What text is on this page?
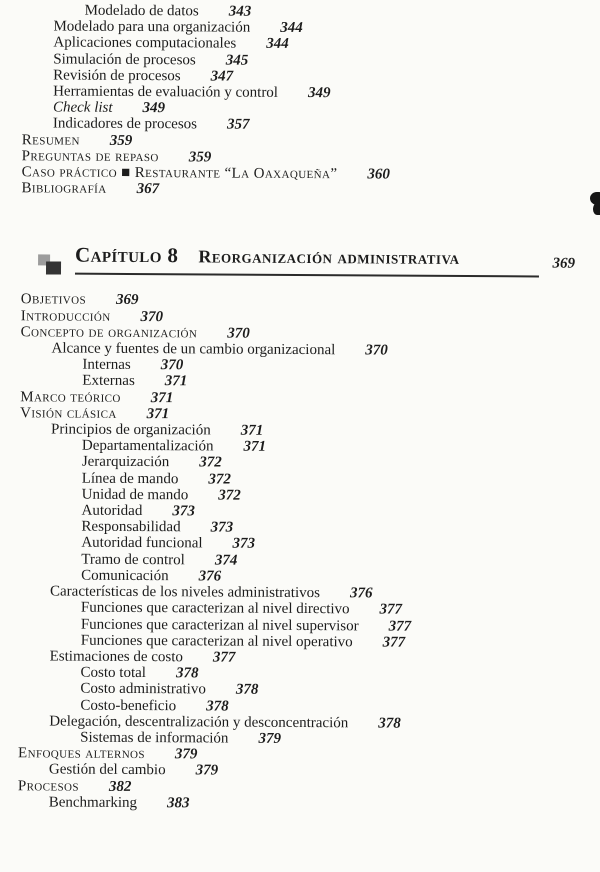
Modelado de datos 343
Modelado para una organización 344
Aplicaciones computacionales 344
Simulación de procesos 345
Revisión de procesos 347
Herramientas de evaluación y control 349
Check list 349
Indicadores de procesos 357
Resumen 359
Preguntas de repaso 359
Caso práctico ■ Restaurante “La Oaxaqueña” 360
Bibliografía 367
Capítulo 8 Reorganización administrativa	369
Objetivos 369
Introducción 370
Concepto de organización 370
Alcance y fuentes de un cambio organizacional 370
Internas 370
Externas 371
Marco teórico 371
Visión clásica 371
Principios de organización 371
Departamentalización 371
Jerarquización 372
Línea de mando 372
Unidad de mando 372
Autoridad 373
Responsabilidad 373
Autoridad funcional 373
Tramo de control 374
Comunicación 376
Características de los niveles administrativos 376
Funciones que caracterizan al nivel directivo 377
Funciones que caracterizan al nivel supervisor 377
Funciones que caracterizan al nivel operativo 377
Estimaciones de costo 377
Costo total 378
Costo administrativo 378
Costo-beneficio 378
Delegación, descentralización y desconcentración 378
Sistemas de información 379
Enfoques alternos 379
Gestión del cambio 379
Procesos 382
Benchmarking 383
